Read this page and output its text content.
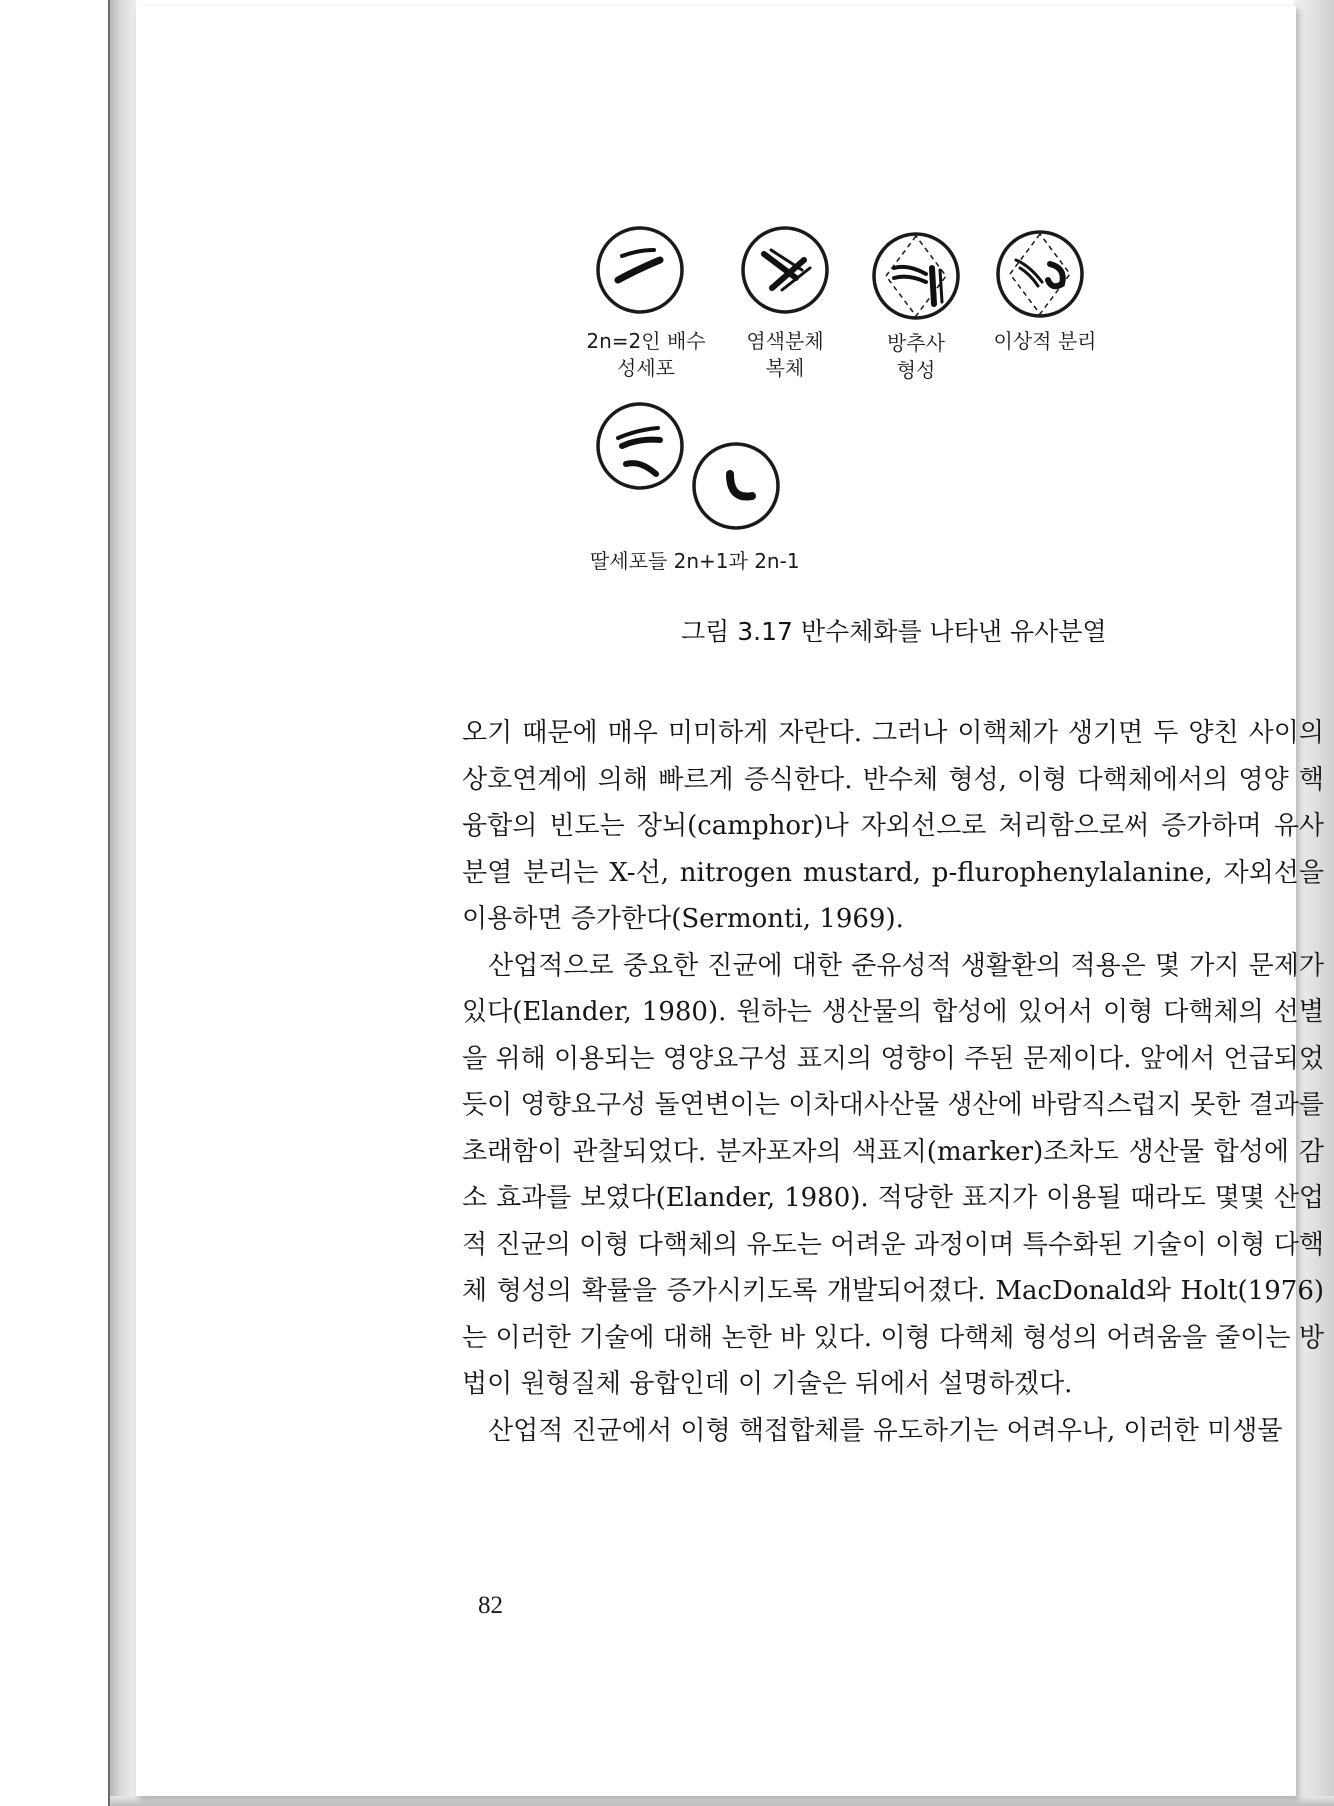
2n=2인 배수
성세포
염색분체
복체
방추사
형성
이상적 분리
딸세포들 2n+1과 2n-1
그림 3.17 반수체화를 나타낸 유사분열

오기 때문에 매우 미미하게 자란다. 그러나 이핵체가 생기면 두 양친 사이의 상호연계에 의해 빠르게 증식한다. 반수체 형성, 이형 다핵체에서의 영양 핵융합의 빈도는 장뇌(camphor)나 자외선으로 처리함으로써 증가하며 유사분열 분리는 X-선, nitrogen mustard, p-flurophenylalanine, 자외선을 이용하면 증가한다(Sermonti, 1969).

산업적으로 중요한 진균에 대한 준유성적 생활환의 적용은 몇 가지 문제가 있다(Elander, 1980). 원하는 생산물의 합성에 있어서 이형 다핵체의 선별을 위해 이용되는 영양요구성 표지의 영향이 주된 문제이다. 앞에서 언급되었듯이 영향요구성 돌연변이는 이차대사산물 생산에 바람직스럽지 못한 결과를 초래함이 관찰되었다. 분자포자의 색표지(marker)조차도 생산물 합성에 감소 효과를 보였다(Elander, 1980). 적당한 표지가 이용될 때라도 몇몇 산업적 진균의 이형 다핵체의 유도는 어려운 과정이며 특수화된 기술이 이형 다핵체 형성의 확률을 증가시키도록 개발되어졌다. MacDonald와 Holt(1976)는 이러한 기술에 대해 논한 바 있다. 이형 다핵체 형성의 어려움을 줄이는 방법이 원형질체 융합인데 이 기술은 뒤에서 설명하겠다.

산업적 진균에서 이형 핵접합체를 유도하기는 어려우나, 이러한 미생물

82
